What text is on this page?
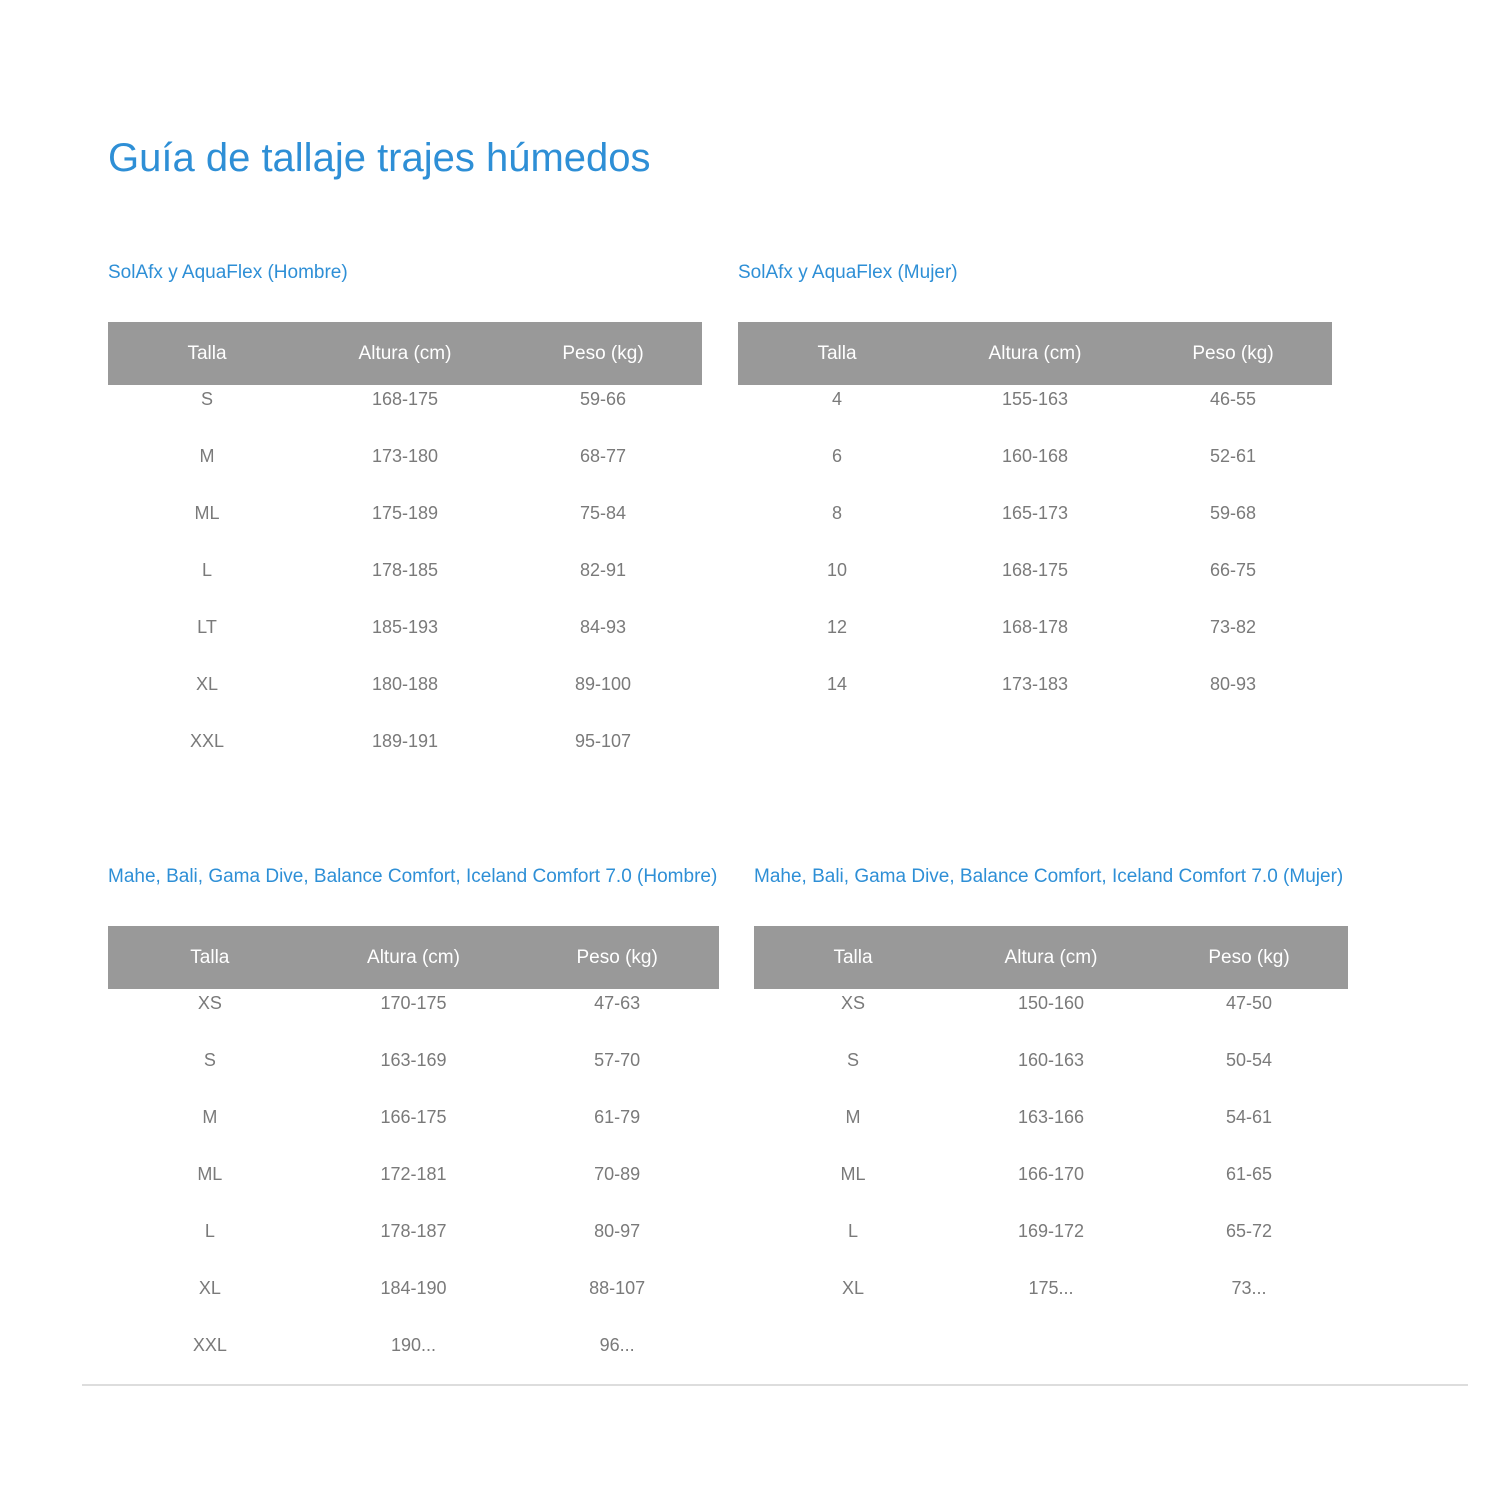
Guía de tallaje trajes húmedos
SolAfx y AquaFlex (Hombre)
Talla	Altura (cm)	Peso (kg)

S	168-175	59-66

M	173-180	68-77

ML	175-189	75-84

L	178-185	82-91

LT	185-193	84-93

XL	180-188	89-100

XXL	189-191	95-107
SolAfx y AquaFlex (Mujer)
Talla	Altura (cm)	Peso (kg)

4	155-163	46-55

6	160-168	52-61

8	165-173	59-68

10	168-175	66-75

12	168-178	73-82

14	173-183	80-93
Mahe, Bali, Gama Dive, Balance Comfort, Iceland Comfort 7.0 (Hombre)
Talla	Altura (cm)	Peso (kg)

XS	170-175	47-63

S	163-169	57-70

M	166-175	61-79

ML	172-181	70-89

L	178-187	80-97

XL	184-190	88-107

XXL	190...	96...
Mahe, Bali, Gama Dive, Balance Comfort, Iceland Comfort 7.0 (Mujer)
Talla	Altura (cm)	Peso (kg)

XS	150-160	47-50

S	160-163	50-54

M	163-166	54-61

ML	166-170	61-65

L	169-172	65-72

XL	175...	73...
